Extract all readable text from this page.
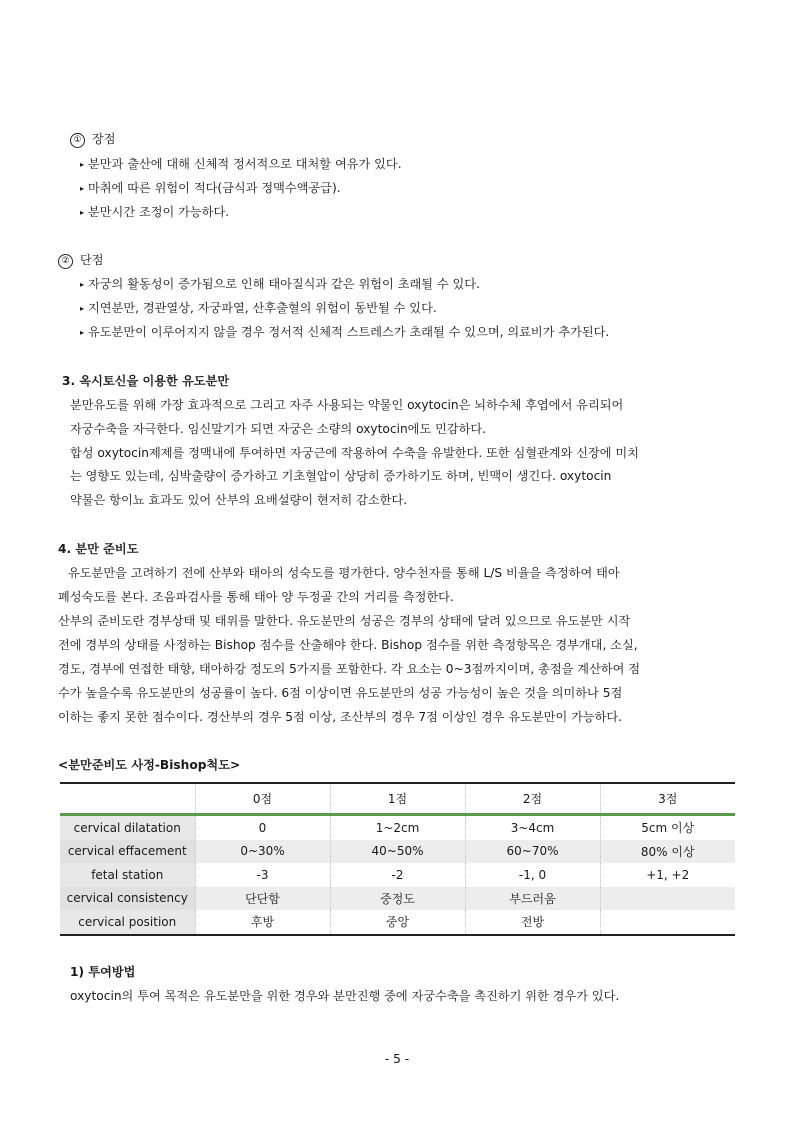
① 장점
▸ 분만과 출산에 대해 신체적 정서적으로 대처할 여유가 있다.
▸ 마취에 따른 위험이 적다(금식과 정맥수액공급).
▸ 분만시간 조정이 가능하다.
② 단점
▸ 자궁의 활동성이 증가됨으로 인해 태아질식과 같은 위험이 초래될 수 있다.
▸ 지연분만, 경관열상, 자궁파열, 산후출혈의 위험이 동반될 수 있다.
▸ 유도분만이 이루어지지 않을 경우 정서적 신체적 스트레스가 초래될 수 있으며, 의료비가 추가된다.
3. 옥시토신을 이용한 유도분만
분만유도를 위해 가장 효과적으로 그리고 자주 사용되는 약물인 oxytocin은 뇌하수체 후엽에서 유리되어
자궁수축을 자극한다. 임신말기가 되면 자궁은 소량의 oxytocin에도 민감하다.
합성 oxytocin제제를 정맥내에 투여하면 자궁근에 작용하여 수축을 유발한다. 또한 심혈관계와 신장에 미치
는 영향도 있는데, 심박출량이 증가하고 기초혈압이 상당히 증가하기도 하며, 빈맥이 생긴다. oxytocin
약물은 항이뇨 효과도 있어 산부의 요배설량이 현저히 감소한다.
4. 분만 준비도
유도분만을 고려하기 전에 산부와 태아의 성숙도를 평가한다. 양수천자를 통해 L/S 비율을 측정하여 태아
폐성숙도를 본다. 조음파검사를 통해 태아 양 두정골 간의 거리를 측정한다.
산부의 준비도란 경부상태 및 태위를 말한다. 유도분만의 성공은 경부의 상태에 달려 있으므로 유도분만 시작
전에 경부의 상태를 사정하는 Bishop 점수를 산출해야 한다. Bishop 점수를 위한 측정항목은 경부개대, 소실,
경도, 경부에 연접한 태향, 태아하강 정도의 5가지를 포함한다. 각 요소는 0~3점까지이며, 총점을 계산하여 점
수가 높을수록 유도분만의 성공률이 높다. 6점 이상이면 유도분만의 성공 가능성이 높은 것을 의미하나 5점
이하는 좋지 못한 점수이다. 경산부의 경우 5점 이상, 조산부의 경우 7점 이상인 경우 유도분만이 가능하다.
<분만준비도 사정-Bishop척도>
	0점	1점	2점	3점
cervical dilatation	0	1~2cm	3~4cm	5cm 이상
cervical effacement	0~30%	40~50%	60~70%	80% 이상
fetal station	-3	-2	-1, 0	+1, +2
cervical consistency	단단함	중정도	부드러움	
cervical position	후방	중앙	전방	
1) 투여방법
oxytocin의 투여 목적은 유도분만을 위한 경우와 분만진행 중에 자궁수축을 촉진하기 위한 경우가 있다.
- 5 -
